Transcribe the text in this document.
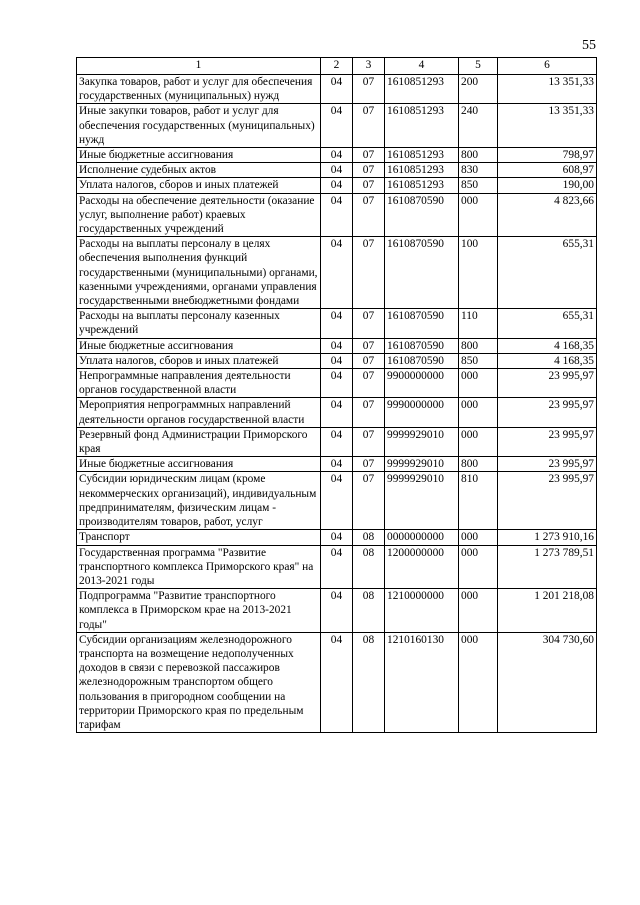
55
1	2	3	4	5	6
Закупка товаров, работ и услуг для обеспечения государственных (муниципальных) нужд	04	07	1610851293	200	13 351,33
Иные закупки товаров, работ и услуг для обеспечения государственных (муниципальных) нужд	04	07	1610851293	240	13 351,33
Иные бюджетные ассигнования	04	07	1610851293	800	798,97
Исполнение судебных актов	04	07	1610851293	830	608,97
Уплата налогов, сборов и иных платежей	04	07	1610851293	850	190,00
Расходы на обеспечение деятельности (оказание услуг, выполнение работ) краевых государственных учреждений	04	07	1610870590	000	4 823,66
Расходы на выплаты персоналу в целях обеспечения выполнения функций государственными (муниципальными) органами, казенными учреждениями, органами управления государственными внебюджетными фондами	04	07	1610870590	100	655,31
Расходы на выплаты персоналу казенных учреждений	04	07	1610870590	110	655,31
Иные бюджетные ассигнования	04	07	1610870590	800	4 168,35
Уплата налогов, сборов и иных платежей	04	07	1610870590	850	4 168,35
Непрограммные направления деятельности органов государственной власти	04	07	9900000000	000	23 995,97
Мероприятия непрограммных направлений деятельности органов государственной власти	04	07	9990000000	000	23 995,97
Резервный фонд Администрации Приморского края	04	07	9999929010	000	23 995,97
Иные бюджетные ассигнования	04	07	9999929010	800	23 995,97
Субсидии юридическим лицам (кроме некоммерческих организаций), индивидуальным предпринимателям, физическим лицам - производителям товаров, работ, услуг	04	07	9999929010	810	23 995,97
Транспорт	04	08	0000000000	000	1 273 910,16
Государственная программа "Развитие транспортного комплекса Приморского края" на 2013-2021 годы	04	08	1200000000	000	1 273 789,51
Подпрограмма "Развитие транспортного комплекса в Приморском крае на 2013-2021 годы"	04	08	1210000000	000	1 201 218,08
Субсидии организациям железнодорожного транспорта на возмещение недополученных доходов в связи с перевозкой пассажиров железнодорожным транспортом общего пользования в пригородном сообщении на территории Приморского края по предельным тарифам	04	08	1210160130	000	304 730,60
